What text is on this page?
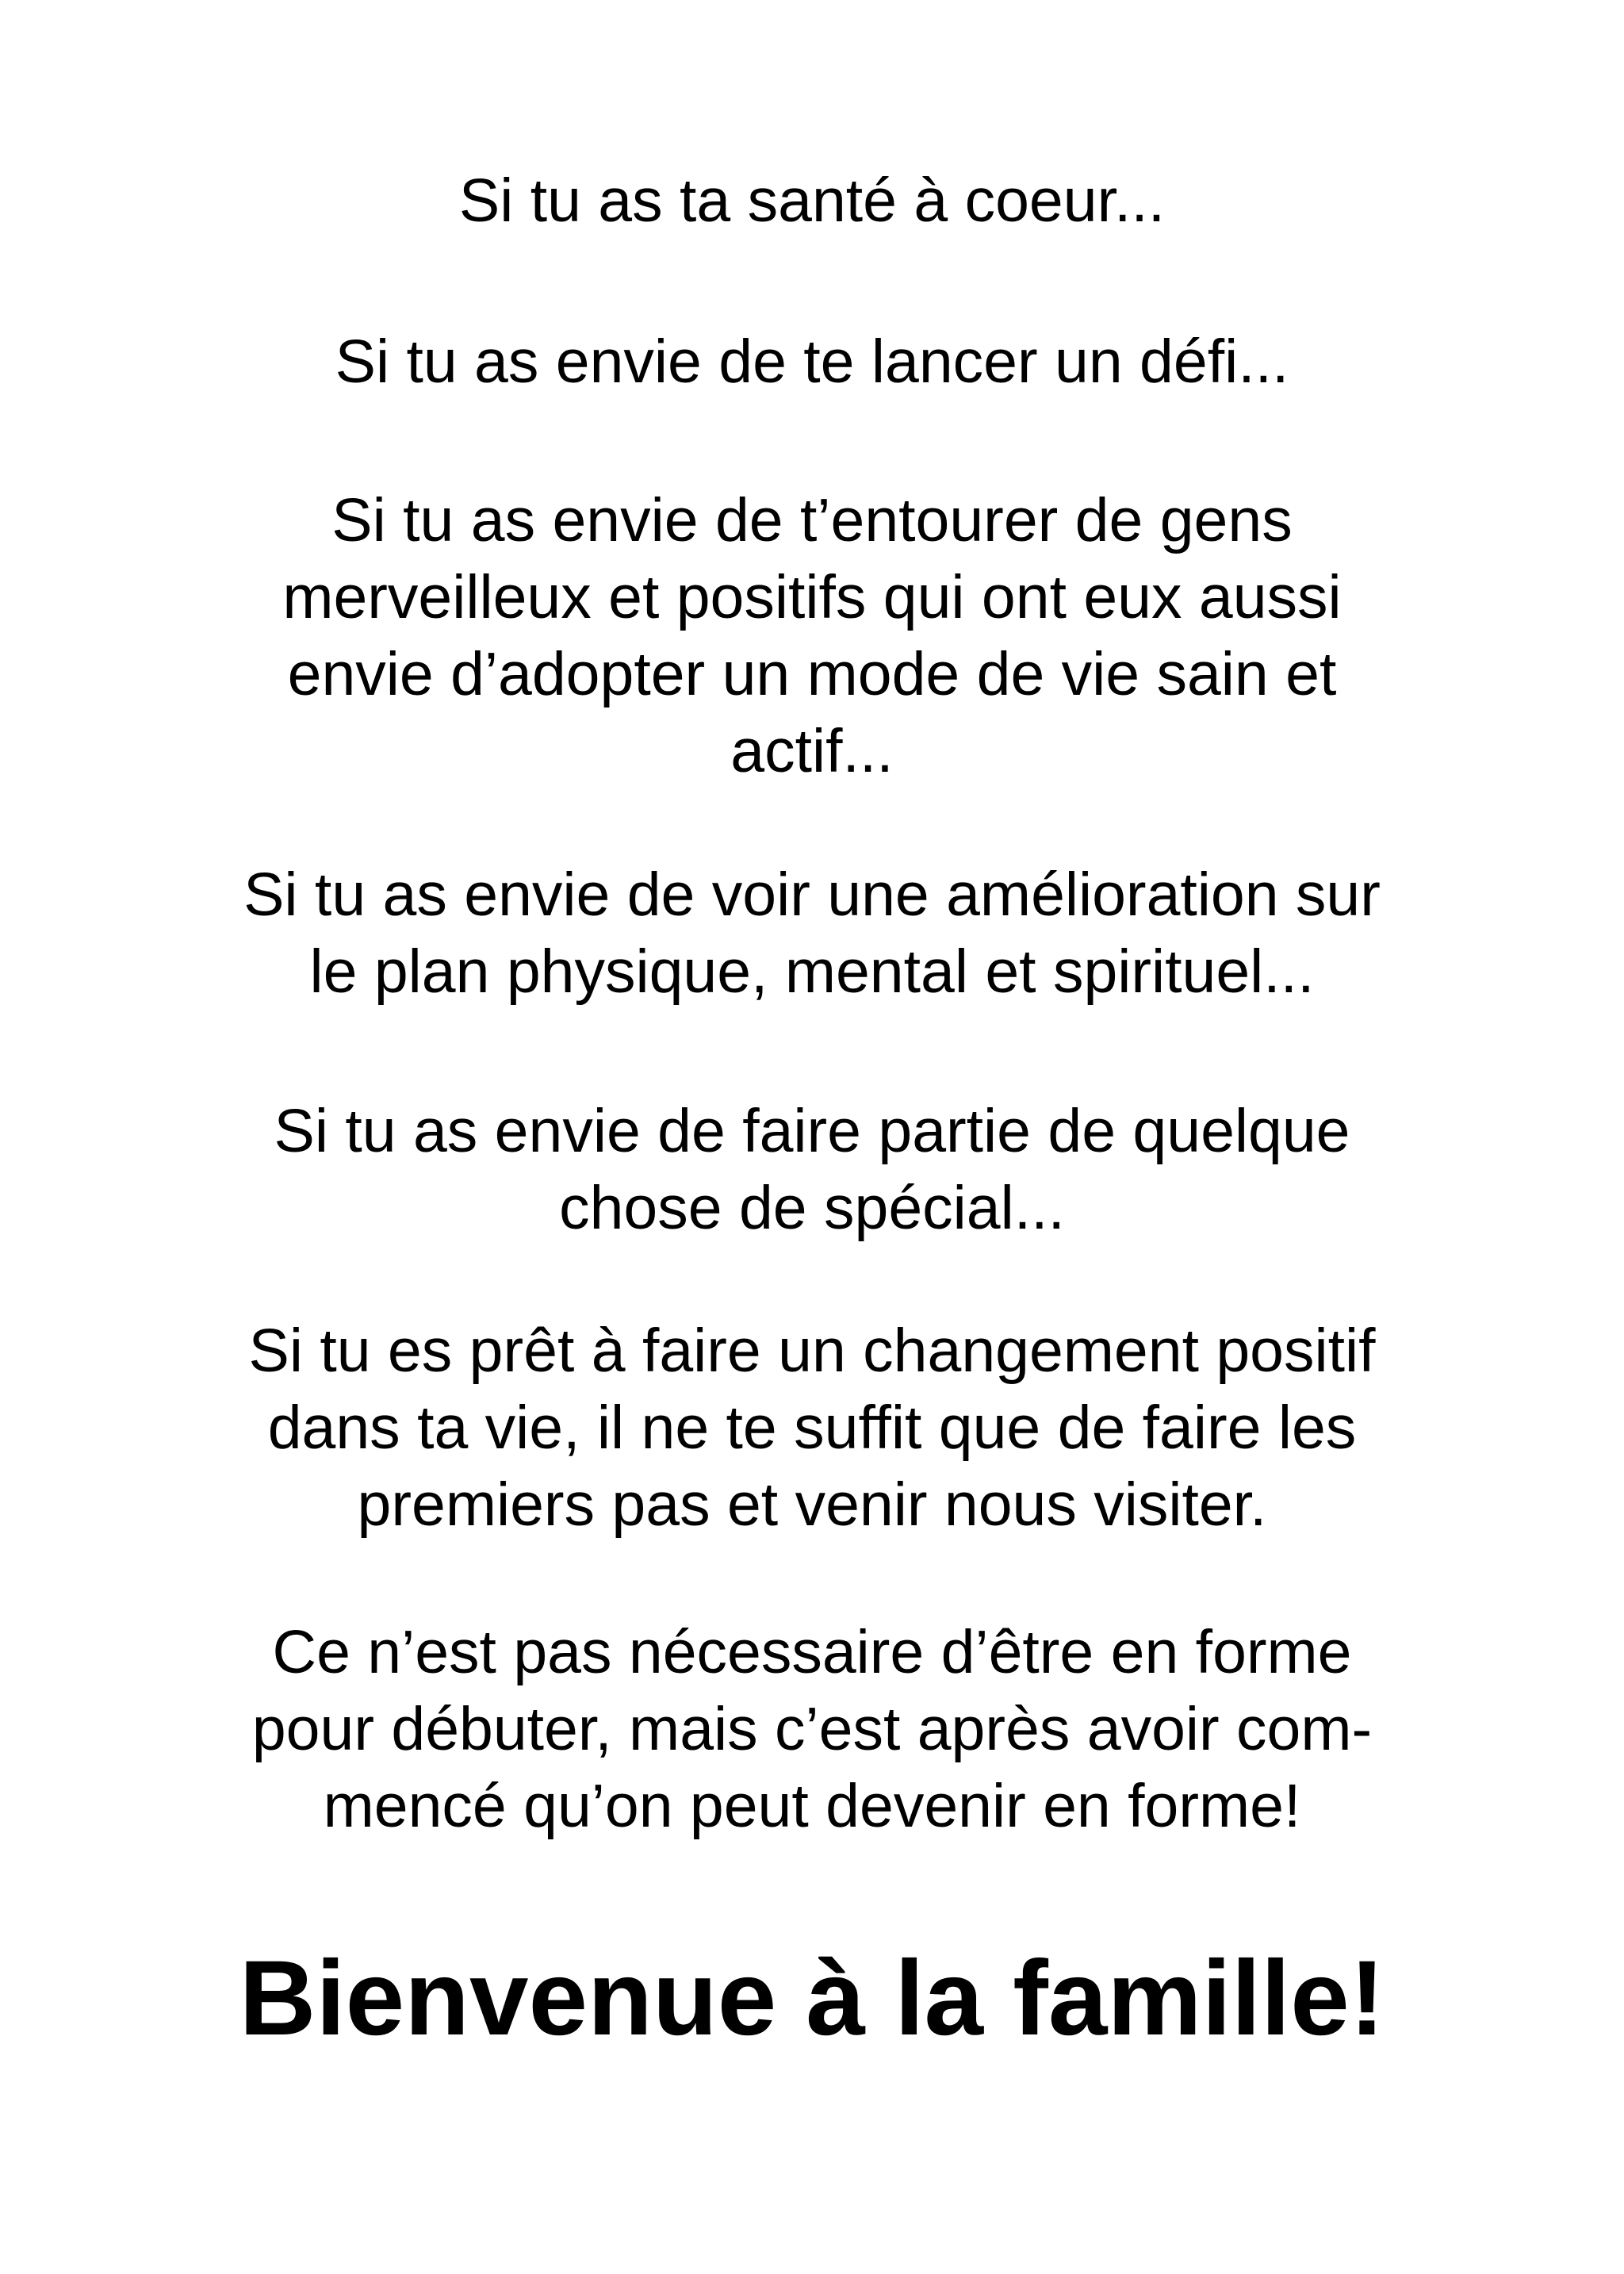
Si tu as ta santé à coeur...
Si tu as envie de te lancer un défi...
Si tu as envie de t’entourer de gens
merveilleux et positifs qui ont eux aussi
envie d’adopter un mode de vie sain et
actif...
Si tu as envie de voir une amélioration sur
le plan physique, mental et spirituel...
Si tu as envie de faire partie de quelque
chose de spécial...
Si tu es prêt à faire un changement positif
dans ta vie, il ne te suffit que de faire les
premiers pas et venir nous visiter.
Ce n’est pas nécessaire d’être en forme
pour débuter, mais c’est après avoir com-
mencé qu’on peut devenir en forme!
Bienvenue à la famille!
